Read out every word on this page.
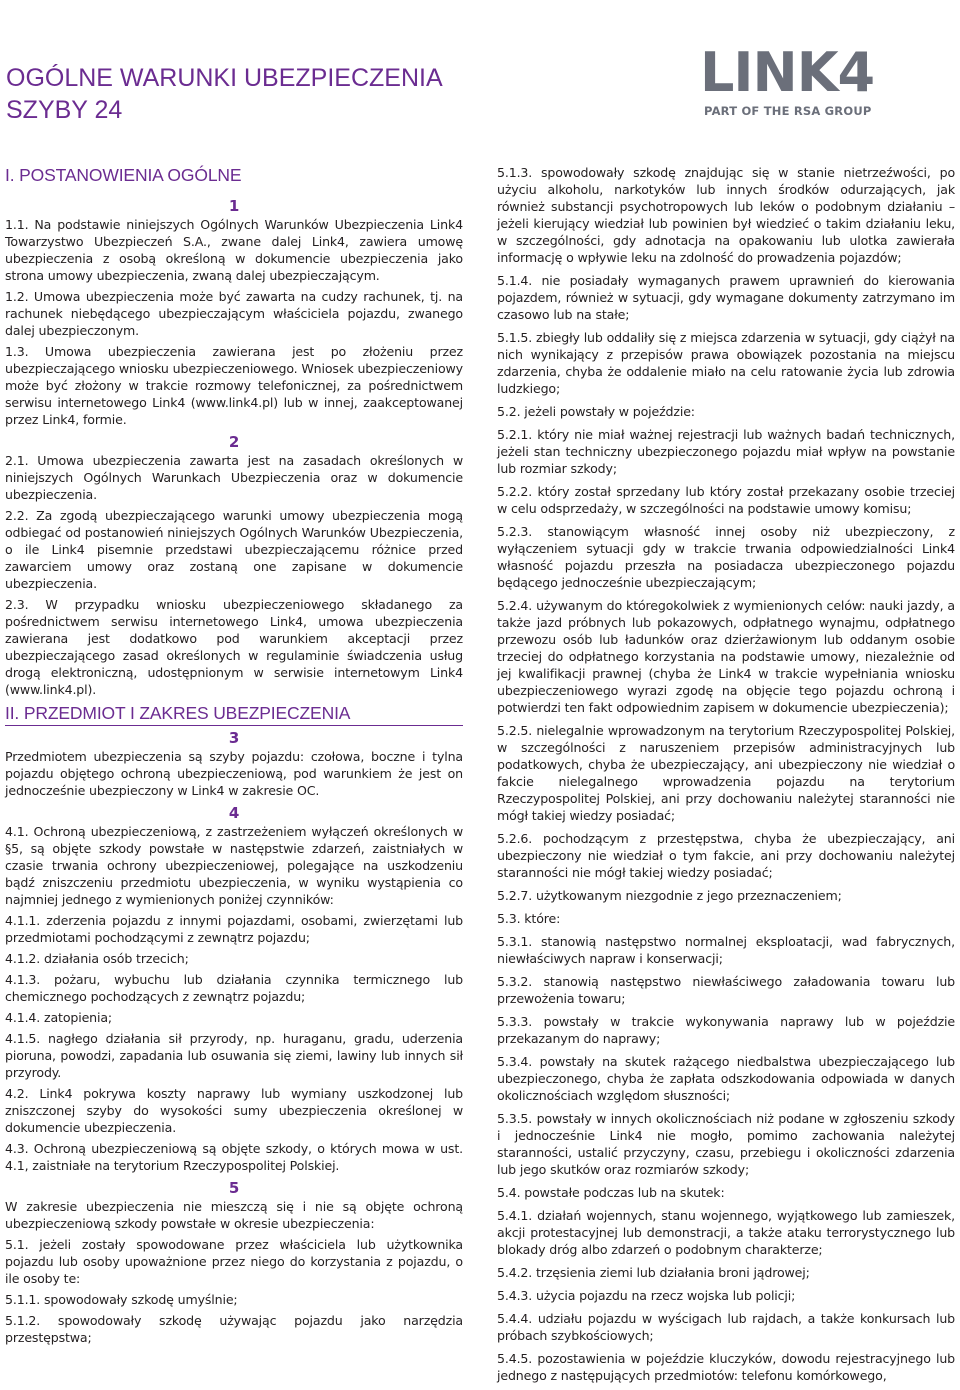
OGÓLNE WARUNKI UBEZPIECZENIA
SZYBY 24
LINK4
PART OF THE RSA GROUP
I. POSTANOWIENIA OGÓLNE
1
1.1. Na podstawie niniejszych Ogólnych Warunków Ubezpieczenia Link4 Towarzystwo Ubezpieczeń S.A., zwane dalej Link4, zawiera umowę ubezpieczenia z osobą określoną w dokumencie ubezpieczenia jako strona umowy ubezpieczenia, zwaną dalej ubezpieczającym.
1.2. Umowa ubezpieczenia może być zawarta na cudzy rachunek, tj. na rachunek niebędącego ubezpieczającym właściciela pojazdu, zwanego dalej ubezpieczonym.
1.3. Umowa ubezpieczenia zawierana jest po złożeniu przez ubezpieczającego wniosku ubezpieczeniowego. Wniosek ubezpieczeniowy może być złożony w trakcie rozmowy telefonicznej, za pośrednictwem serwisu internetowego Link4 (www.link4.pl) lub w innej, zaakceptowanej przez Link4, formie.
2
2.1. Umowa ubezpieczenia zawarta jest na zasadach określonych w niniejszych Ogólnych Warunkach Ubezpieczenia oraz w dokumencie ubezpieczenia.
2.2. Za zgodą ubezpieczającego warunki umowy ubezpieczenia mogą odbiegać od postanowień niniejszych Ogólnych Warunków Ubezpieczenia, o ile Link4 pisemnie przedstawi ubezpieczającemu różnice przed zawarciem umowy oraz zostaną one zapisane w dokumencie ubezpieczenia.
2.3. W przypadku wniosku ubezpieczeniowego składanego za pośrednictwem serwisu internetowego Link4, umowa ubezpieczenia zawierana jest dodatkowo pod warunkiem akceptacji przez ubezpieczającego zasad określonych w regulaminie świadczenia usług drogą elektroniczną, udostępnionym w serwisie internetowym Link4 (www.link4.pl).
II. PRZEDMIOT I ZAKRES UBEZPIECZENIA
3
Przedmiotem ubezpieczenia są szyby pojazdu: czołowa, boczne i tylna pojazdu objętego ochroną ubezpieczeniową, pod warunkiem że jest on jednocześnie ubezpieczony w Link4 w zakresie OC.
4
4.1. Ochroną ubezpieczeniową, z zastrzeżeniem wyłączeń określonych w §5, są objęte szkody powstałe w następstwie zdarzeń, zaistniałych w czasie trwania ochrony ubezpieczeniowej, polegające na uszkodzeniu bądź zniszczeniu przedmiotu ubezpieczenia, w wyniku wystąpienia co najmniej jednego z wymienionych poniżej czynników:
4.1.1. zderzenia pojazdu z innymi pojazdami, osobami, zwierzętami lub przedmiotami pochodzącymi z zewnątrz pojazdu;
4.1.2. działania osób trzecich;
4.1.3. pożaru, wybuchu lub działania czynnika termicznego lub chemicznego pochodzących z zewnątrz pojazdu;
4.1.4. zatopienia;
4.1.5. nagłego działania sił przyrody, np. huraganu, gradu, uderzenia pioruna, powodzi, zapadania lub osuwania się ziemi, lawiny lub innych sił przyrody.
4.2. Link4 pokrywa koszty naprawy lub wymiany uszkodzonej lub zniszczonej szyby do wysokości sumy ubezpieczenia określonej w dokumencie ubezpieczenia.
4.3. Ochroną ubezpieczeniową są objęte szkody, o których mowa w ust. 4.1, zaistniałe na terytorium Rzeczypospolitej Polskiej.
5
W zakresie ubezpieczenia nie mieszczą się i nie są objęte ochroną ubezpieczeniową szkody powstałe w okresie ubezpieczenia:
5.1. jeżeli zostały spowodowane przez właściciela lub użytkownika pojazdu lub osoby upoważnione przez niego do korzystania z pojazdu, o ile osoby te:
5.1.1. spowodowały szkodę umyślnie;
5.1.2. spowodowały szkodę używając pojazdu jako narzędzia przestępstwa;
5.1.3. spowodowały szkodę znajdując się w stanie nietrzeźwości, po użyciu alkoholu, narkotyków lub innych środków odurzających, jak również substancji psychotropowych lub leków o podobnym działaniu – jeżeli kierujący wiedział lub powinien był wiedzieć o takim działaniu leku, w szczególności, gdy adnotacja na opakowaniu lub ulotka zawierała informację o wpływie leku na zdolność do prowadzenia pojazdów;
5.1.4. nie posiadały wymaganych prawem uprawnień do kierowania pojazdem, również w sytuacji, gdy wymagane dokumenty zatrzymano im czasowo lub na stałe;
5.1.5. zbiegły lub oddaliły się z miejsca zdarzenia w sytuacji, gdy ciążył na nich wynikający z przepisów prawa obowiązek pozostania na miejscu zdarzenia, chyba że oddalenie miało na celu ratowanie życia lub zdrowia ludzkiego;
5.2. jeżeli powstały w pojeździe:
5.2.1. który nie miał ważnej rejestracji lub ważnych badań technicznych, jeżeli stan techniczny ubezpieczonego pojazdu miał wpływ na powstanie lub rozmiar szkody;
5.2.2. który został sprzedany lub który został przekazany osobie trzeciej w celu odsprzedaży, w szczególności na podstawie umowy komisu;
5.2.3. stanowiącym własność innej osoby niż ubezpieczony, z wyłączeniem sytuacji gdy w trakcie trwania odpowiedzialności Link4 własność pojazdu przeszła na posiadacza ubezpieczonego pojazdu będącego jednocześnie ubezpieczającym;
5.2.4. używanym do któregokolwiek z wymienionych celów: nauki jazdy, a także jazd próbnych lub pokazowych, odpłatnego wynajmu, odpłatnego przewozu osób lub ładunków oraz dzierżawionym lub oddanym osobie trzeciej do odpłatnego korzystania na podstawie umowy, niezależnie od jej kwalifikacji prawnej (chyba że Link4 w trakcie wypełniania wniosku ubezpieczeniowego wyrazi zgodę na objęcie tego pojazdu ochroną i potwierdzi ten fakt odpowiednim zapisem w dokumencie ubezpieczenia);
5.2.5. nielegalnie wprowadzonym na terytorium Rzeczypospolitej Polskiej, w szczególności z naruszeniem przepisów administracyjnych lub podatkowych, chyba że ubezpieczający, ani ubezpieczony nie wiedział o fakcie nielegalnego wprowadzenia pojazdu na terytorium Rzeczypospolitej Polskiej, ani przy dochowaniu należytej staranności nie mógł takiej wiedzy posiadać;
5.2.6. pochodzącym z przestępstwa, chyba że ubezpieczający, ani ubezpieczony nie wiedział o tym fakcie, ani przy dochowaniu należytej staranności nie mógł takiej wiedzy posiadać;
5.2.7. użytkowanym niezgodnie z jego przeznaczeniem;
5.3. które:
5.3.1. stanowią następstwo normalnej eksploatacji, wad fabrycznych, niewłaściwych napraw i konserwacji;
5.3.2. stanowią następstwo niewłaściwego załadowania towaru lub przewożenia towaru;
5.3.3. powstały w trakcie wykonywania naprawy lub w pojeździe przekazanym do naprawy;
5.3.4. powstały na skutek rażącego niedbalstwa ubezpieczającego lub ubezpieczonego, chyba że zapłata odszkodowania odpowiada w danych okolicznościach względom słuszności;
5.3.5. powstały w innych okolicznościach niż podane w zgłoszeniu szkody i jednocześnie Link4 nie mogło, pomimo zachowania należytej staranności, ustalić przyczyny, czasu, przebiegu i okoliczności zdarzenia lub jego skutków oraz rozmiarów szkody;
5.4. powstałe podczas lub na skutek:
5.4.1. działań wojennych, stanu wojennego, wyjątkowego lub zamieszek, akcji protestacyjnej lub demonstracji, a także ataku terrorystycznego lub blokady dróg albo zdarzeń o podobnym charakterze;
5.4.2. trzęsienia ziemi lub działania broni jądrowej;
5.4.3. użycia pojazdu na rzecz wojska lub policji;
5.4.4. udziału pojazdu w wyścigach lub rajdach, a także konkursach lub próbach szybkościowych;
5.4.5. pozostawienia w pojeździe kluczyków, dowodu rejestracyjnego lub jednego z następujących przedmiotów: telefonu komórkowego,
